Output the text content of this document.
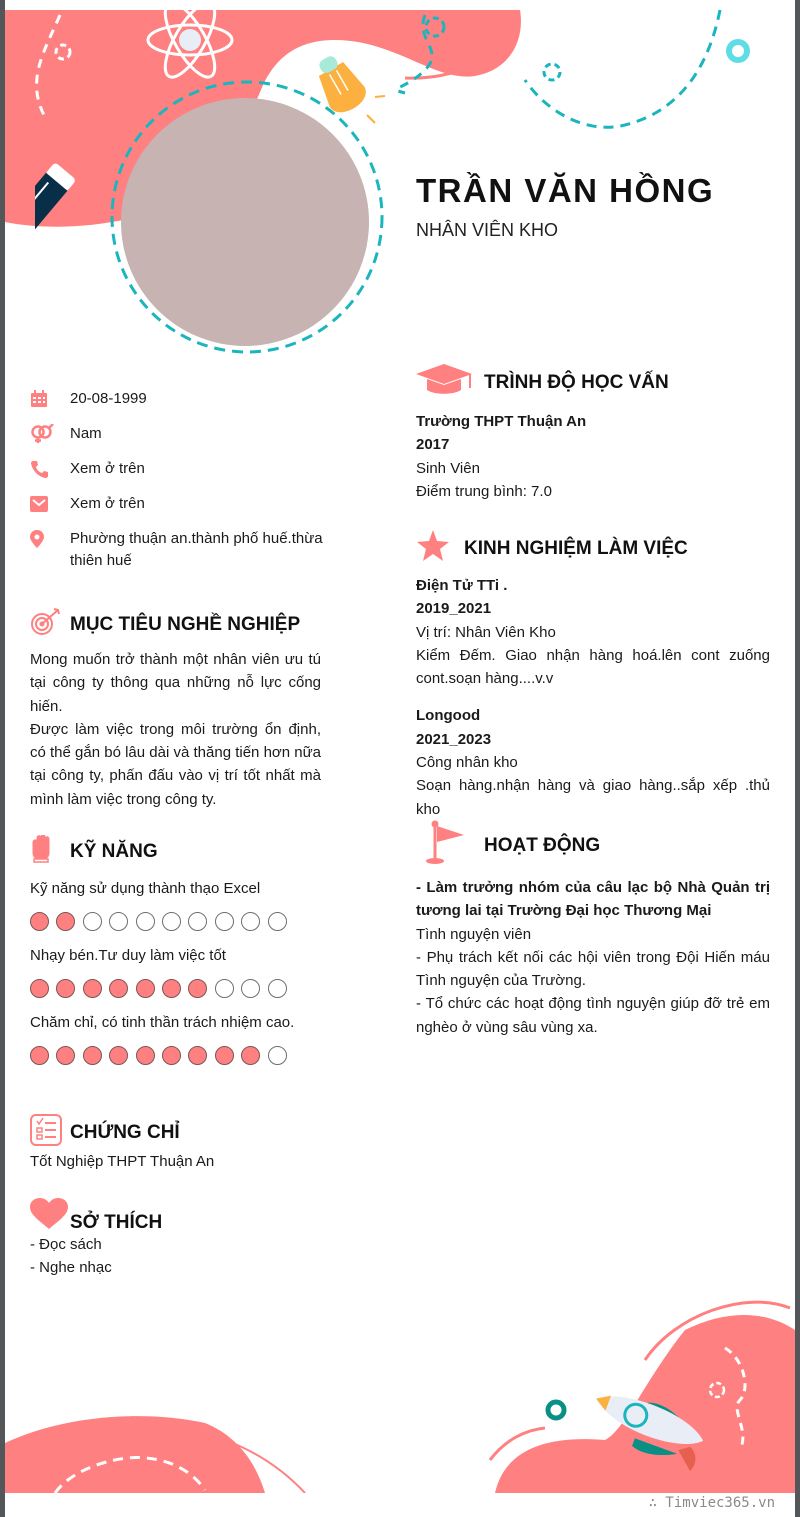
TRẦN VĂN HỒNG
NHÂN VIÊN KHO
20-08-1999
Nam
Xem ở trên
Xem ở trên
Phường thuận an.thành phố huế.thừa thiên huế
MỤC TIÊU NGHỀ NGHIỆP
Mong muốn trở thành một nhân viên ưu tú tại công ty thông qua những nỗ lực cống hiến.
Được làm việc trong môi trường ổn định, có thể gắn bó lâu dài và thăng tiến hơn nữa tại công ty, phấn đấu vào vị trí tốt nhất mà mình làm việc trong công ty.
KỸ NĂNG
Kỹ năng sử dụng thành thạo Excel
Nhạy bén.Tư duy làm việc tốt
Chăm chỉ, có tinh thần trách nhiệm cao.
CHỨNG CHỈ
Tốt Nghiệp THPT Thuận An
SỞ THÍCH
- Đọc sách
- Nghe nhạc
TRÌNH ĐỘ HỌC VẤN
Trường THPT Thuận An
2017
Sinh Viên
Điểm trung bình: 7.0
KINH NGHIỆM LÀM VIỆC
Điện Tử TTi .
2019_2021
Vị trí: Nhân Viên Kho
Kiểm Đếm. Giao nhận hàng hoá.lên cont zuống cont.soạn hàng....v.v
Longood
2021_2023
Công nhân kho
Soạn hàng.nhận hàng và giao hàng..sắp xếp .thủ kho
HOẠT ĐỘNG
- Làm trưởng nhóm của câu lạc bộ Nhà Quản trị tương lai tại Trường Đại học Thương Mại
Tình nguyện viên
- Phụ trách kết nối các hội viên trong Đội Hiến máu Tình nguyện của Trường.
- Tổ chức các hoạt động tình nguyện giúp đỡ trẻ em nghèo ở vùng sâu vùng xa.
∴ Timviec365.vn
